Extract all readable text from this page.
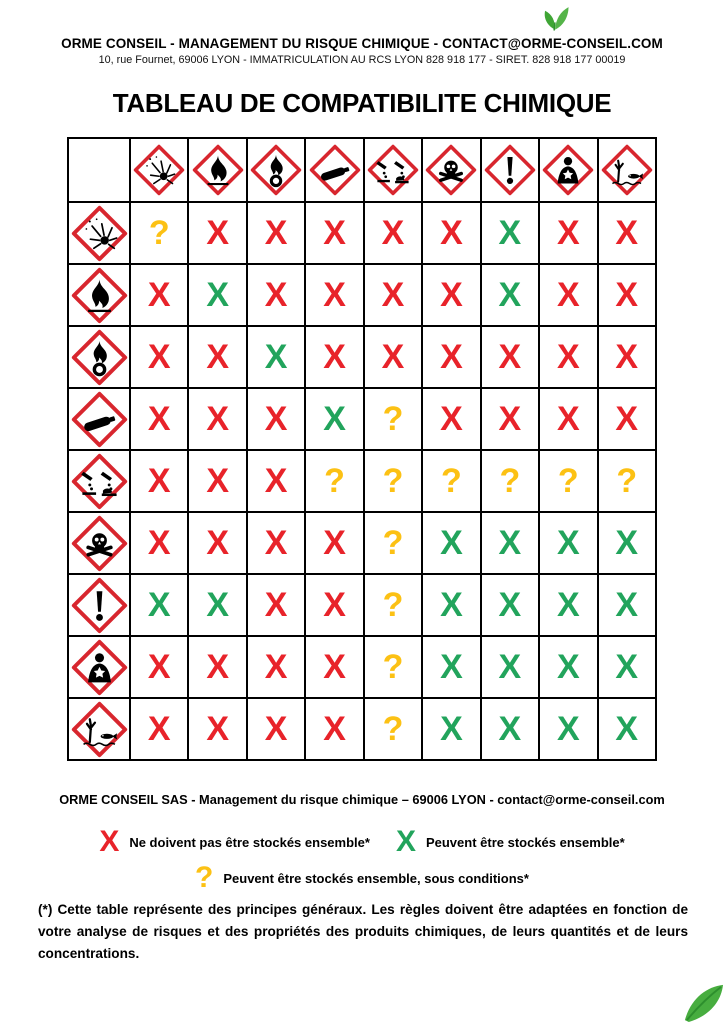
ORME CONSEIL - MANAGEMENT DU RISQUE CHIMIQUE - CONTACT@ORME-CONSEIL.COM
10, rue Fournet, 69006 LYON - IMMATRICULATION AU RCS LYON 828 918 177 - SIRET. 828 918 177 00019
TABLEAU DE COMPATIBILITE CHIMIQUE

	?	X	X	X	X	X	X	X	X

	X	X	X	X	X	X	X	X	X

	X	X	X	X	X	X	X	X	X

	X	X	X	X	?	X	X	X	X

	X	X	X	?	?	?	?	?	?

	X	X	X	X	?	X	X	X	X

	X	X	X	X	?	X	X	X	X

	X	X	X	X	?	X	X	X	X

	X	X	X	X	?	X	X	X	X
ORME CONSEIL SAS - Management du risque chimique – 69006 LYON - contact@orme-conseil.com
X Ne doivent pas être stockés ensemble* X Peuvent être stockés ensemble*
? Peuvent être stockés ensemble, sous conditions*

(*) Cette table représente des principes généraux. Les règles doivent être adaptées en fonction de votre analyse de risques et des propriétés des produits chimiques, de leurs quantités et de leurs concentrations.
